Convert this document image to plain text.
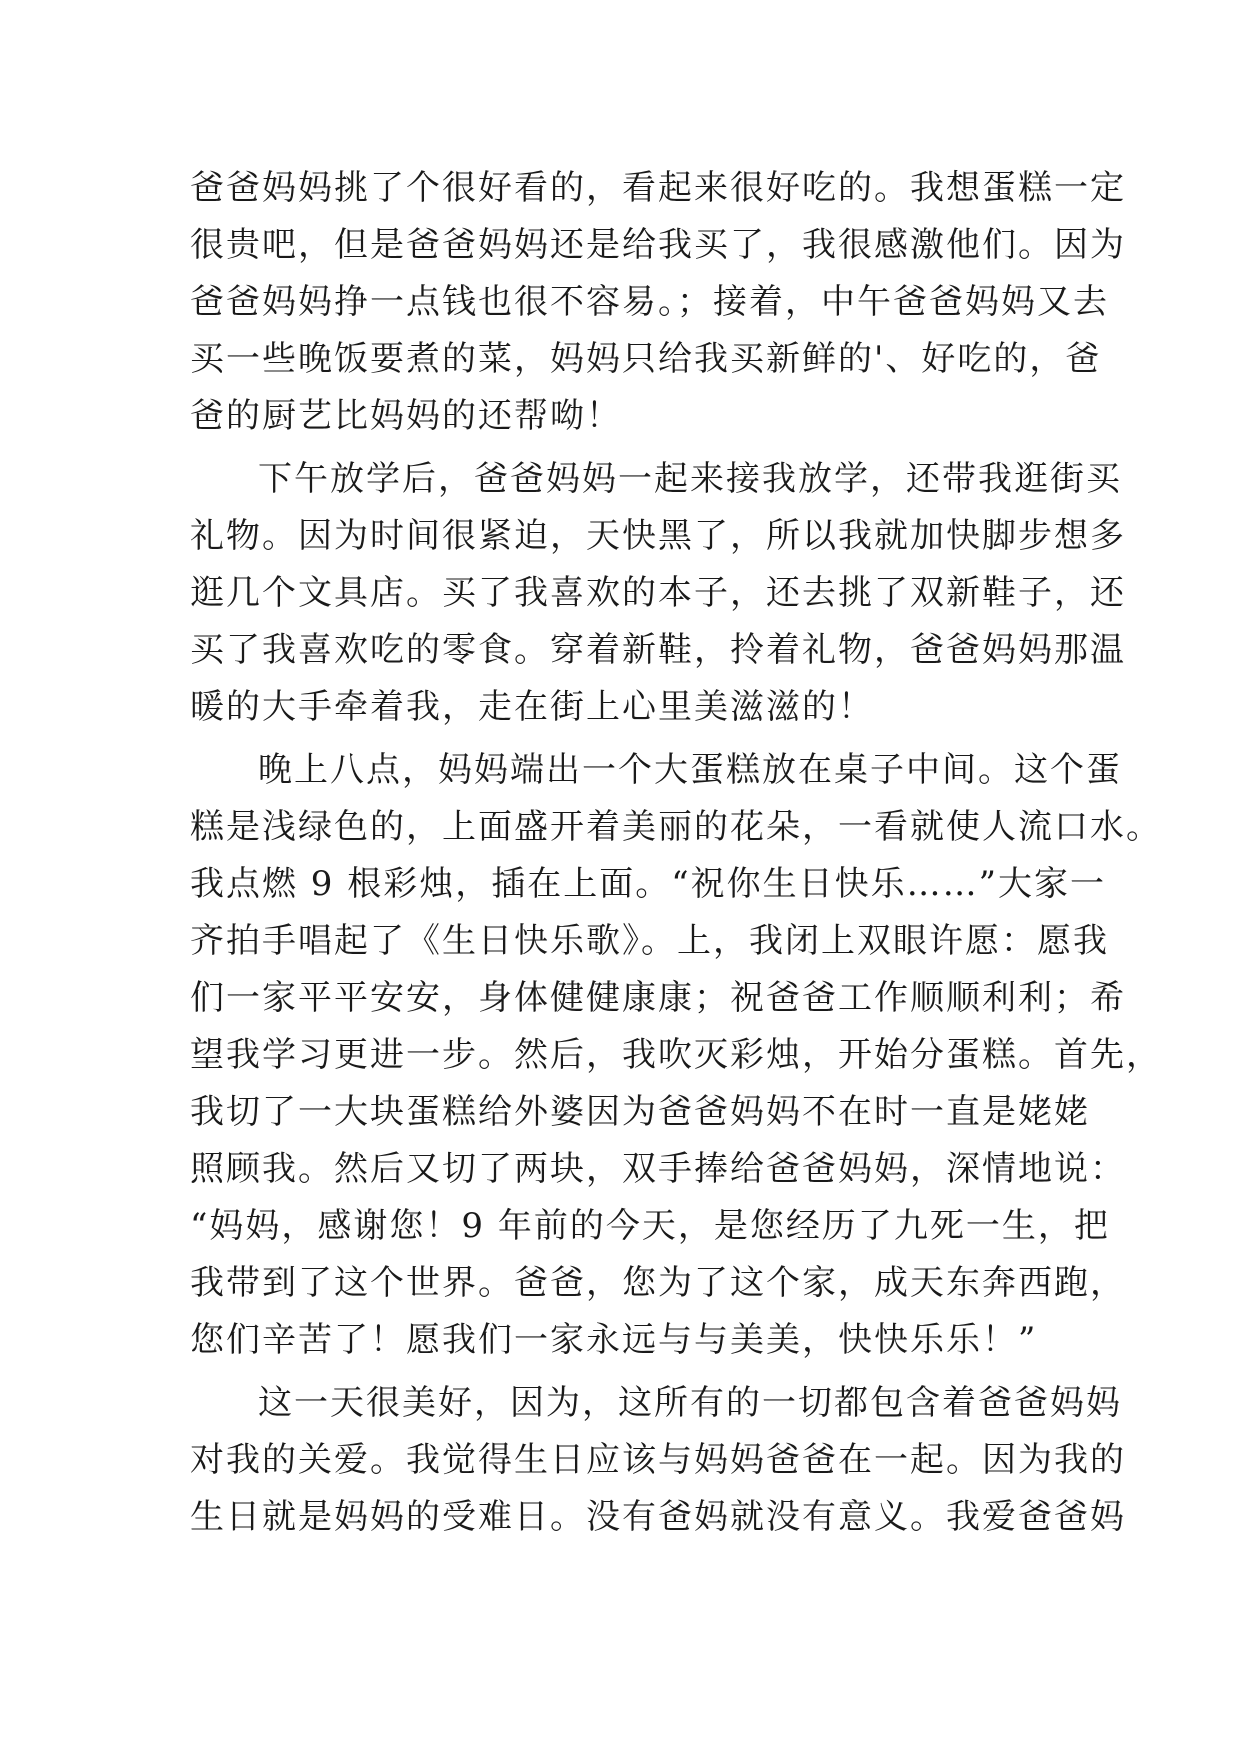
爸爸妈妈挑了个很好看的，看起来很好吃的。我想蛋糕一定
很贵吧，但是爸爸妈妈还是给我买了，我很感激他们。因为
爸爸妈妈挣一点钱也很不容易。；接着，中午爸爸妈妈又去
买一些晚饭要煮的菜，妈妈只给我买新鲜的'、好吃的，爸
爸的厨艺比妈妈的还帮呦！
下午放学后，爸爸妈妈一起来接我放学，还带我逛街买
礼物。因为时间很紧迫，天快黑了，所以我就加快脚步想多
逛几个文具店。买了我喜欢的本子，还去挑了双新鞋子，还
买了我喜欢吃的零食。穿着新鞋，拎着礼物，爸爸妈妈那温
暖的大手牵着我，走在街上心里美滋滋的！
晚上八点，妈妈端出一个大蛋糕放在桌子中间。这个蛋
糕是浅绿色的，上面盛开着美丽的花朵，一看就使人流口水。
我点燃 9 根彩烛，插在上面。“祝你生日快乐……”大家一
齐拍手唱起了《生日快乐歌》。上，我闭上双眼许愿：愿我
们一家平平安安，身体健健康康；祝爸爸工作顺顺利利；希
望我学习更进一步。然后，我吹灭彩烛，开始分蛋糕。首先，
我切了一大块蛋糕给外婆因为爸爸妈妈不在时一直是姥姥
照顾我。然后又切了两块，双手捧给爸爸妈妈，深情地说：
“妈妈，感谢您！9 年前的今天，是您经历了九死一生，把
我带到了这个世界。爸爸，您为了这个家，成天东奔西跑，
您们辛苦了！愿我们一家永远与与美美，快快乐乐！”
这一天很美好，因为，这所有的一切都包含着爸爸妈妈
对我的关爱。我觉得生日应该与妈妈爸爸在一起。因为我的
生日就是妈妈的受难日。没有爸妈就没有意义。我爱爸爸妈
